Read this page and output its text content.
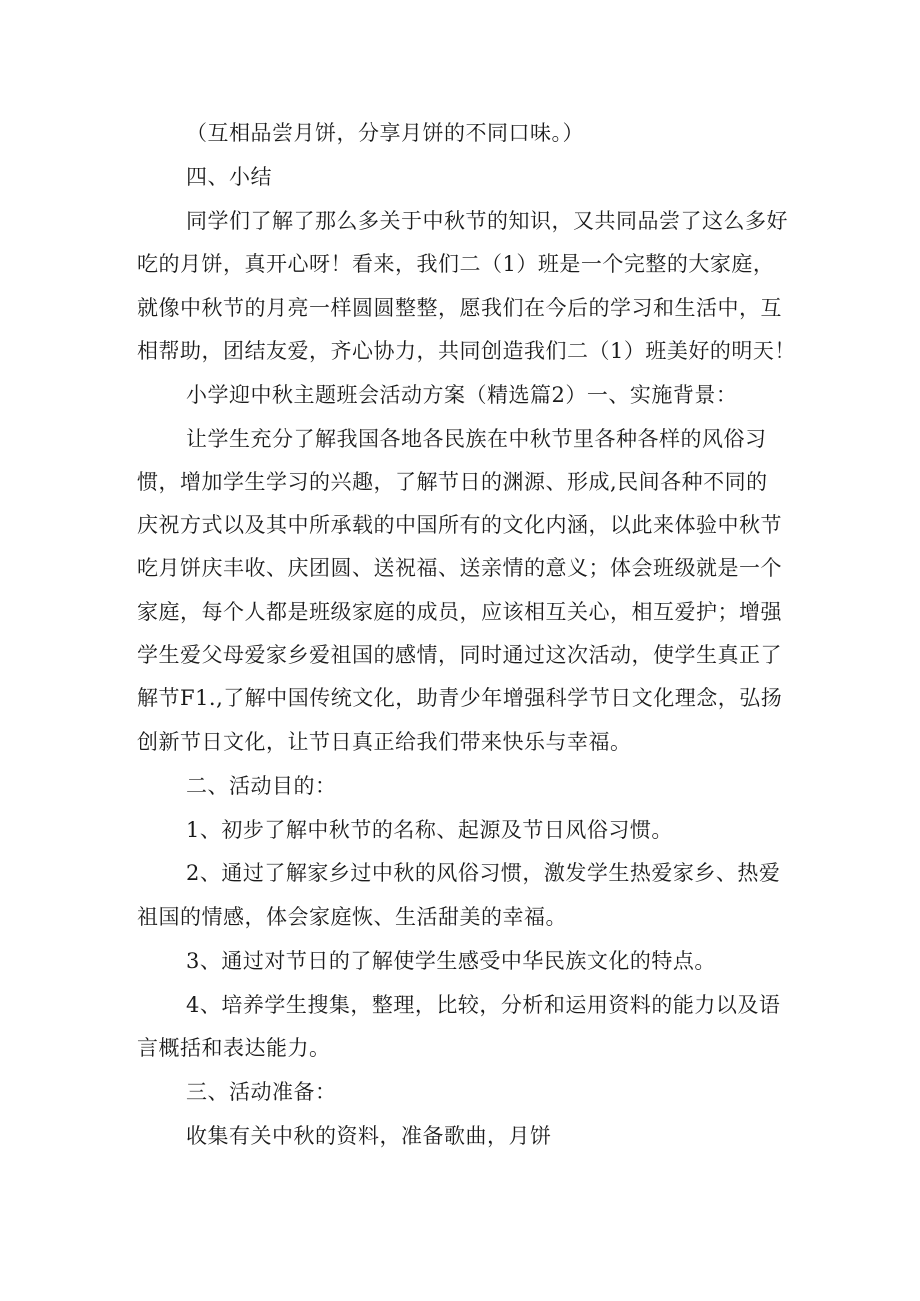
（互相品尝月饼，分享月饼的不同口味。）
四、小结
同学们了解了那么多关于中秋节的知识，又共同品尝了这么多好
吃的月饼，真开心呀！看来，我们二（1）班是一个完整的大家庭，
就像中秋节的月亮一样圆圆整整，愿我们在今后的学习和生活中，互
相帮助，团结友爱，齐心协力，共同创造我们二（1）班美好的明天！
小学迎中秋主题班会活动方案（精选篇2）一、实施背景：
让学生充分了解我国各地各民族在中秋节里各种各样的风俗习
惯，增加学生学习的兴趣，了解节日的渊源、形成,民间各种不同的
庆祝方式以及其中所承载的中国所有的文化内涵，以此来体验中秋节
吃月饼庆丰收、庆团圆、送祝福、送亲情的意义；体会班级就是一个
家庭，每个人都是班级家庭的成员，应该相互关心，相互爱护；增强
学生爱父母爱家乡爱祖国的感情，同时通过这次活动，使学生真正了
解节F1.,了解中国传统文化，助青少年增强科学节日文化理念，弘扬
创新节日文化，让节日真正给我们带来快乐与幸福。
二、活动目的：
1、初步了解中秋节的名称、起源及节日风俗习惯。
2、通过了解家乡过中秋的风俗习惯，激发学生热爱家乡、热爱
祖国的情感，体会家庭恢、生活甜美的幸福。
3、通过对节日的了解使学生感受中华民族文化的特点。
4、培养学生搜集，整理，比较，分析和运用资料的能力以及语
言概括和表达能力。
三、活动准备：
收集有关中秋的资料，准备歌曲，月饼
